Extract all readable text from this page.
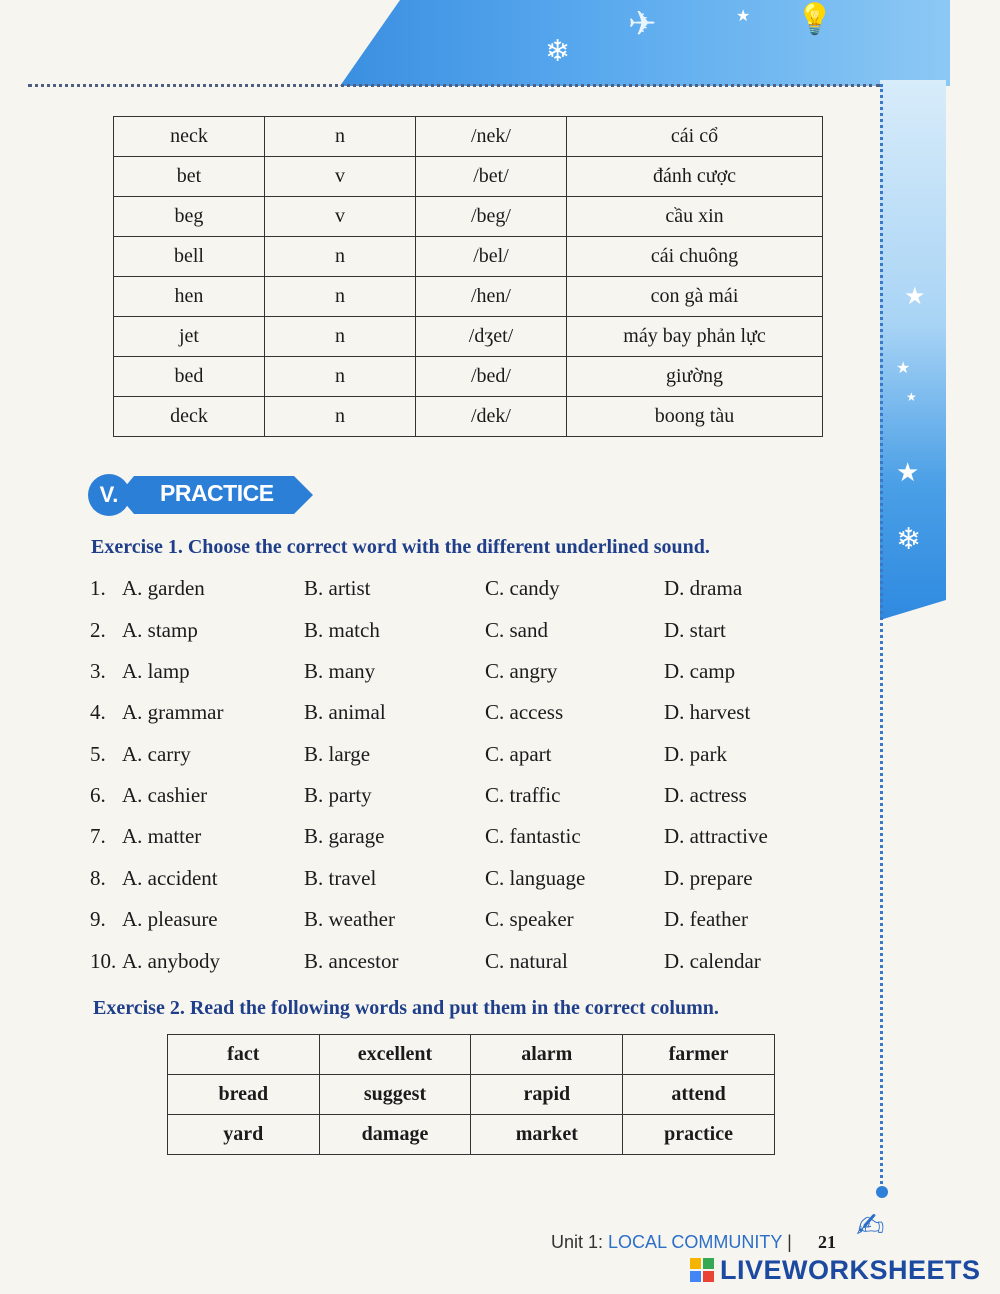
❄
✈	★ 💡
★
★
★
★
❄
neck	n	/nek/	cái cổ
bet	v	/bet/	đánh cược
beg	v	/beg/	cầu xin
bell	n	/bel/	cái chuông
hen	n	/hen/	con gà mái
jet	n	/dʒet/	máy bay phản lực
bed	n	/bed/	giường
deck	n	/dek/	boong tàu
V.	PRACTICE
Exercise 1. Choose the correct word with the different underlined sound.
1. A. garden	B. artist	C. candy	D. drama
2. A. stamp	B. match	C. sand	D. start
3. A. lamp	B. many	C. angry	D. camp
4. A. grammar	B. animal	C. access	D. harvest
5. A. carry	B. large	C. apart	D. park
6. A. cashier	B. party	C. traffic	D. actress
7. A. matter	B. garage	C. fantastic	D. attractive
8. A. accident	B. travel	C. language	D. prepare
9. A. pleasure	B. weather	C. speaker	D. feather
10. A. anybody	B. ancestor	C. natural	D. calendar
Exercise 2. Read the following words and put them in the correct column.
fact	excellent	alarm	farmer
bread	suggest	rapid	attend
yard	damage	market	practice
Unit 1: LOCAL COMMUNITY | 21 ✍
LIVEWORKSHEETS
